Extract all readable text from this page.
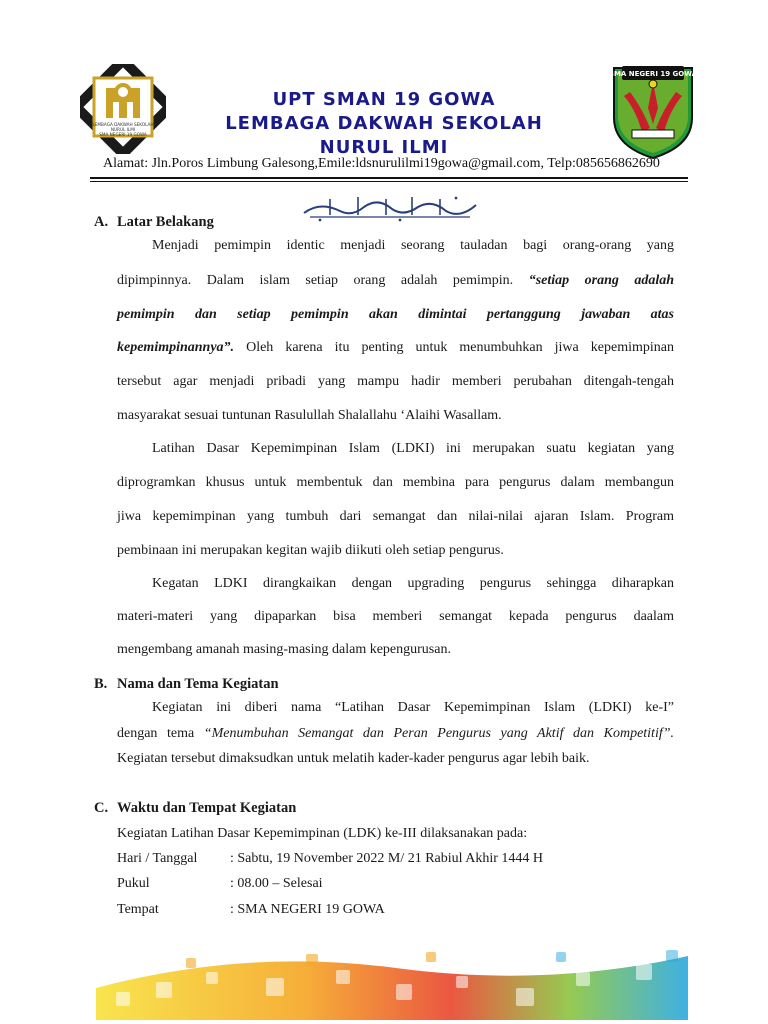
LEMBAGA DAKWAH SEKOLAH
NURUL ILMI
SMA NEGERI 19 GOWA
SMA NEGERI 19 GOWA
UPT SMAN 19 GOWA
LEMBAGA DAKWAH SEKOLAH
NURUL ILMI
Alamat: Jln.Poros Limbung Galesong,Emile:ldsnurulilmi19gowa@gmail.com, Telp:085656862690
A. Latar Belakang
Menjadi pemimpin identic menjadi seorang tauladan bagi orang-orang yang
dipimpinnya. Dalam islam setiap orang adalah pemimpin. “setiap orang adalah
pemimpin dan setiap pemimpin akan dimintai pertanggung jawaban atas
kepemimpinannya”. Oleh karena itu penting untuk menumbuhkan jiwa kepemimpinan
tersebut agar menjadi pribadi yang mampu hadir memberi perubahan ditengah-tengah
masyarakat sesuai tuntunan Rasulullah Shalallahu ‘Alaihi Wasallam.
Latihan Dasar Kepemimpinan Islam (LDKI) ini merupakan suatu kegiatan yang
diprogramkan khusus untuk membentuk dan membina para pengurus dalam membangun
jiwa kepemimpinan yang tumbuh dari semangat dan nilai-nilai ajaran Islam. Program
pembinaan ini merupakan kegitan wajib diikuti oleh setiap pengurus.
Kegatan LDKI dirangkaikan dengan upgrading pengurus sehingga diharapkan
materi-materi yang dipaparkan bisa memberi semangat kepada pengurus daalam
mengembang amanah masing-masing dalam kepengurusan.
B. Nama dan Tema Kegiatan
Kegiatan ini diberi nama “Latihan Dasar Kepemimpinan Islam (LDKI) ke-I”
dengan tema “Menumbuhan Semangat dan Peran Pengurus yang Aktif dan Kompetitif”.
Kegiatan tersebut dimaksudkan untuk melatih kader-kader pengurus agar lebih baik.
C. Waktu dan Tempat Kegiatan
Kegiatan Latihan Dasar Kepemimpinan (LDK) ke-III dilaksanakan pada:
Hari / Tanggal : Sabtu, 19 November 2022 M/ 21 Rabiul Akhir 1444 H
Pukul	: 08.00 – Selesai
Tempat	: SMA NEGERI 19 GOWA
